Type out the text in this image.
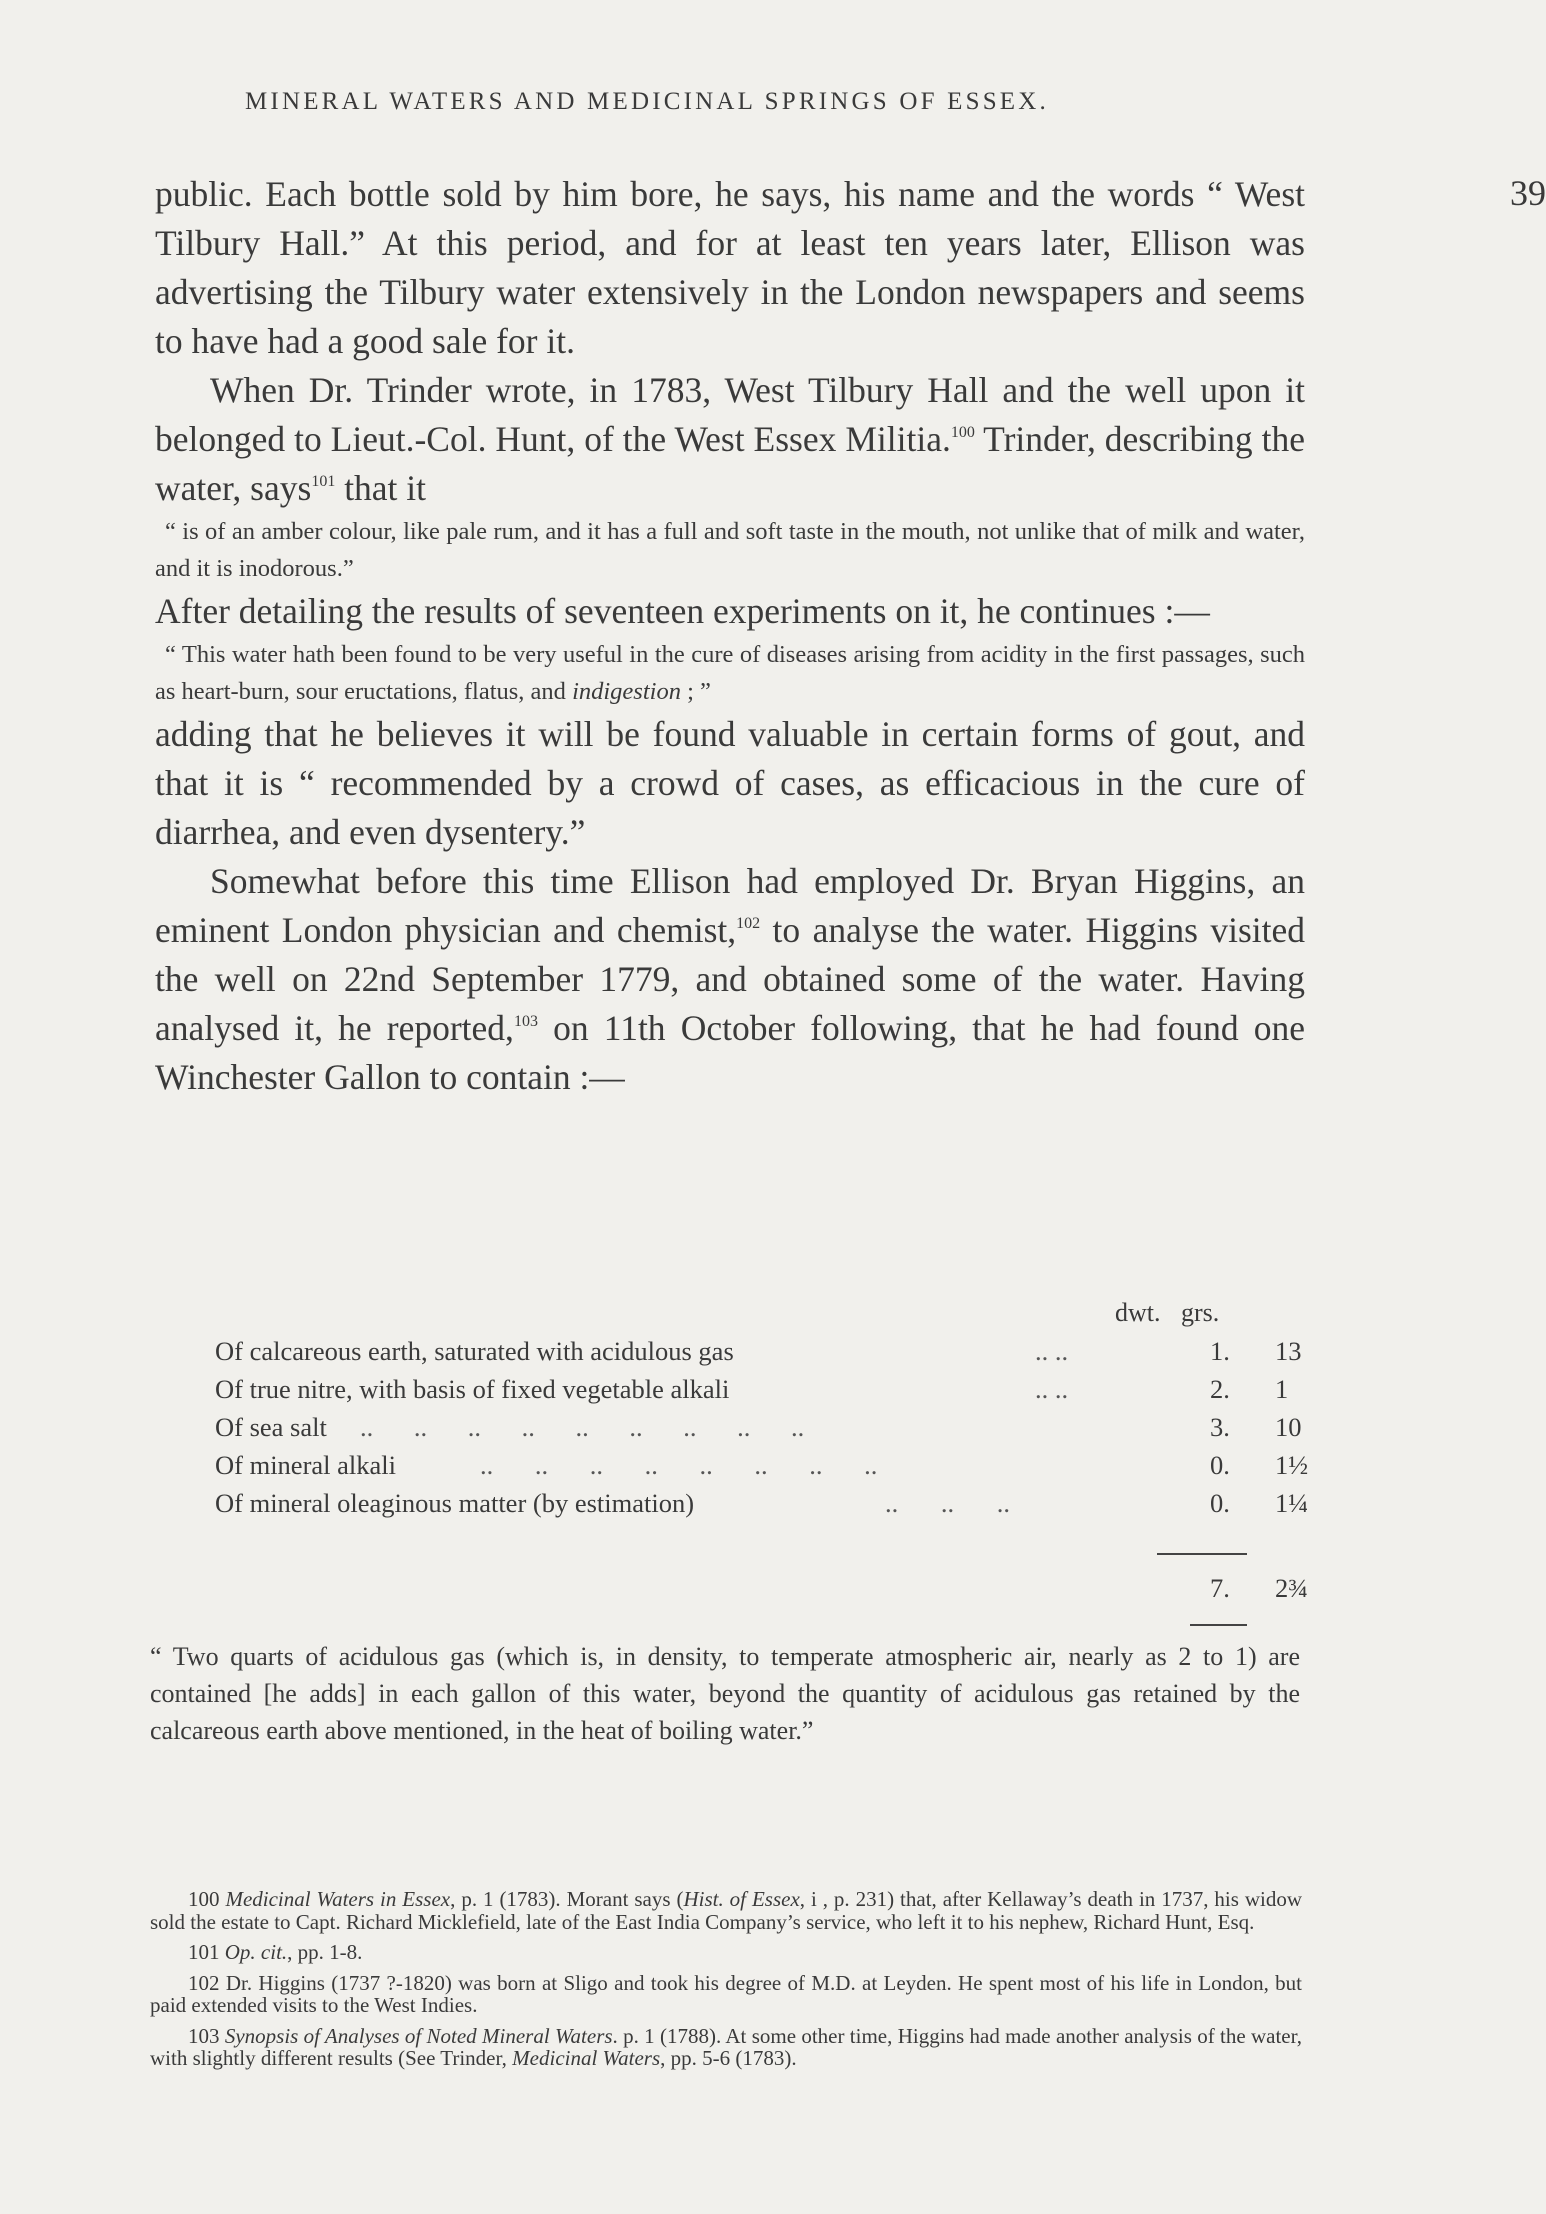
MINERAL WATERS AND MEDICINAL SPRINGS OF ESSEX.
39

public. Each bottle sold by him bore, he says, his name and the words “ West Tilbury Hall.” At this period, and for at least ten years later, Ellison was advertising the Tilbury water extensively in the London newspapers and seems to have had a good sale for it.

When Dr. Trinder wrote, in 1783, West Tilbury Hall and the well upon it belonged to Lieut.-Col. Hunt, of the West Essex Militia.$^{100}$ Trinder, describing the water, says$^{101}$ that it

“ is of an amber colour, like pale rum, and it has a full and soft taste in the mouth, not unlike that of milk and water, and it is inodorous.”

After detailing the results of seventeen experiments on it, he continues :—

“ This water hath been found to be very useful in the cure of diseases arising from acidity in the first passages, such as heart-burn, sour eructations, flatus, and indigestion ; ”

adding that he believes it will be found valuable in certain forms of gout, and that it is “ recommended by a crowd of cases, as efficacious in the cure of diarrhea, and even dysentery.”

Somewhat before this time Ellison had employed Dr. Bryan Higgins, an eminent London physician and chemist,$^{102}$ to analyse the water. Higgins visited the well on 22nd September 1779, and obtained some of the water. Having analysed it, he reported,$^{103}$ on 11th October following, that he had found one Winchester Gallon to contain :—

dwt. grs.
Of calcareous earth, saturated with acidulous gas	.. ..	1.	13
Of true nitre, with basis of fixed vegetable alkali	.. ..	2.	1
Of sea salt .. .. .. .. .. .. .. .. ..	3.	10
Of mineral alkali	.. .. .. .. .. .. .. ..	0.	1½
Of mineral oleaginous matter (by estimation)	.. .. ..	0.	1¼
7.	2¾
“ Two quarts of acidulous gas (which is, in density, to temperate atmospheric air, nearly as 2 to 1) are contained [he adds] in each gallon of this water, beyond the quantity of acidulous gas retained by the calcareous earth above mentioned, in the heat of boiling water.”

100 Medicinal Waters in Essex, p. 1 (1783). Morant says (Hist. of Essex, i , p. 231) that, after Kellaway’s death in 1737, his widow sold the estate to Capt. Richard Micklefield, late of the East India Company’s service, who left it to his nephew, Richard Hunt, Esq.

101 Op. cit., pp. 1-8.

102 Dr. Higgins (1737 ?-1820) was born at Sligo and took his degree of M.D. at Leyden. He spent most of his life in London, but paid extended visits to the West Indies.

103 Synopsis of Analyses of Noted Mineral Waters. p. 1 (1788). At some other time, Higgins had made another analysis of the water, with slightly different results (See Trinder, Medicinal Waters, pp. 5-6 (1783).
